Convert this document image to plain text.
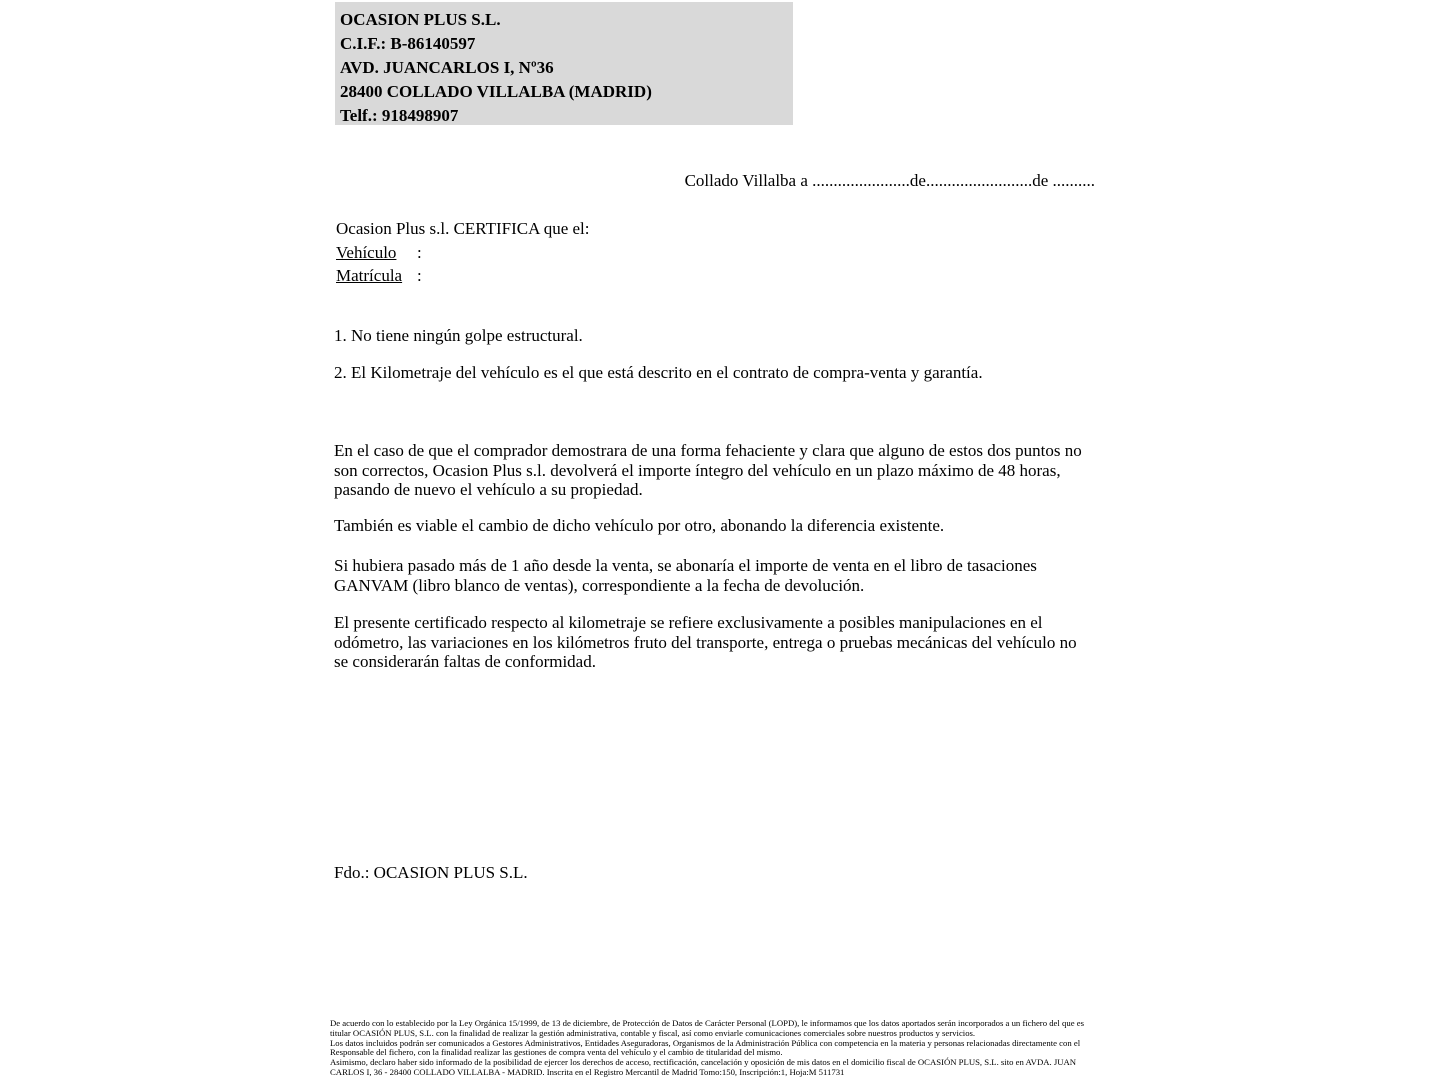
OCASION PLUS S.L.
C.I.F.: B-86140597
AVD. JUANCARLOS I, Nº36
28400 COLLADO VILLALBA (MADRID)
Telf.: 918498907
Collado Villalba a .......................de.........................de ..........
Ocasion Plus s.l. CERTIFICA que el:
Vehículo :
Matrícula :
1. No tiene ningún golpe estructural.
2. El Kilometraje del vehículo es el que está descrito en el contrato de compra-venta y garantía.
En el caso de que el comprador demostrara de una forma fehaciente y clara que alguno de estos dos puntos no son correctos, Ocasion Plus s.l. devolverá el importe íntegro del vehículo en un plazo máximo de 48 horas, pasando de nuevo el vehículo a su propiedad.
También es viable el cambio de dicho vehículo por otro, abonando la diferencia existente.
Si hubiera pasado más de 1 año desde la venta, se abonaría el importe de venta en el libro de tasaciones GANVAM (libro blanco de ventas), correspondiente a la fecha de devolución.
El presente certificado respecto al kilometraje se refiere exclusivamente a posibles manipulaciones en el odómetro, las variaciones en los kilómetros fruto del transporte, entrega o pruebas mecánicas del vehículo no se considerarán faltas de conformidad.
Fdo.: OCASION PLUS S.L.
De acuerdo con lo establecido por la Ley Orgánica 15/1999, de 13 de diciembre, de Protección de Datos de Carácter Personal (LOPD), le informamos que los datos aportados serán incorporados a un fichero del que es titular OCASIÓN PLUS, S.L. con la finalidad de realizar la gestión administrativa, contable y fiscal, así como enviarle comunicaciones comerciales sobre nuestros productos y servicios.
Los datos incluidos podrán ser comunicados a Gestores Administrativos, Entidades Aseguradoras, Organismos de la Administración Pública con competencia en la materia y personas relacionadas directamente con el Responsable del fichero, con la finalidad realizar las gestiones de compra venta del vehículo y el cambio de titularidad del mismo.
Asimismo, declaro haber sido informado de la posibilidad de ejercer los derechos de acceso, rectificación, cancelación y oposición de mis datos en el domicilio fiscal de OCASIÓN PLUS, S.L. sito en AVDA. JUAN CARLOS I, 36 - 28400 COLLADO VILLALBA - MADRID. Inscrita en el Registro Mercantil de Madrid Tomo:150, Inscripción:1, Hoja:M 511731
